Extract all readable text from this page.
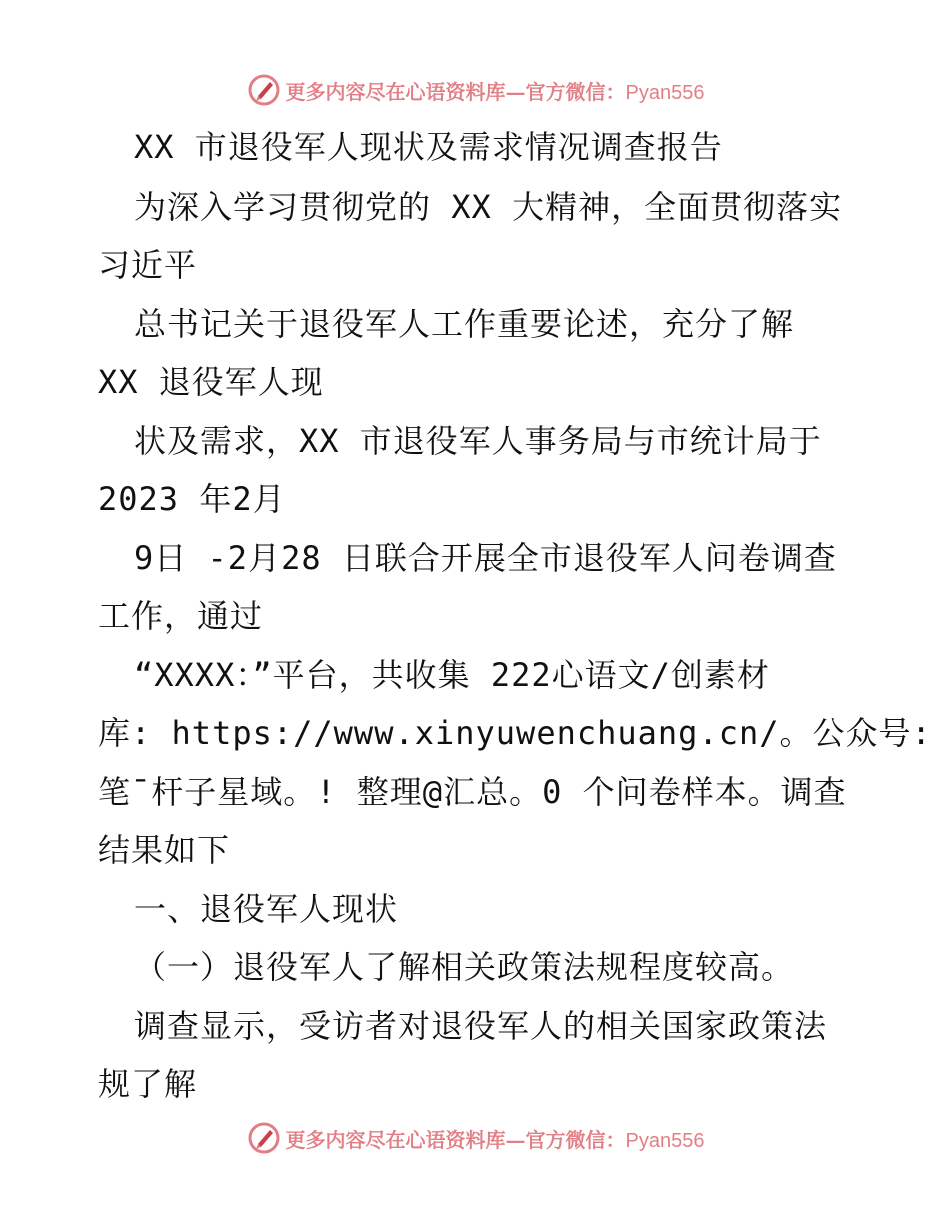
更多内容尽在心语资料库—官方微信：Pyan556
XX 市退役军人现状及需求情况调查报告
为深入学习贯彻党的 XX 大精神，全面贯彻落实
习近平
总书记关于退役军人工作重要论述，充分了解
XX 退役军人现
状及需求，XX 市退役军人事务局与市统计局于
2023 年2月
9日 -2月28 日联合开展全市退役军人问卷调查
工作，通过
“XXXX：”平台，共收集 222心语文/创素材
库: https://www.xinyuwenchuang.cn/。公众号:
笔¯杆子星域。! 整理@汇总。0 个问卷样本。调查
结果如下
一、退役军人现状
（一）退役军人了解相关政策法规程度较高。
调查显示，受访者对退役军人的相关国家政策法
规了解
更多内容尽在心语资料库—官方微信：Pyan556
